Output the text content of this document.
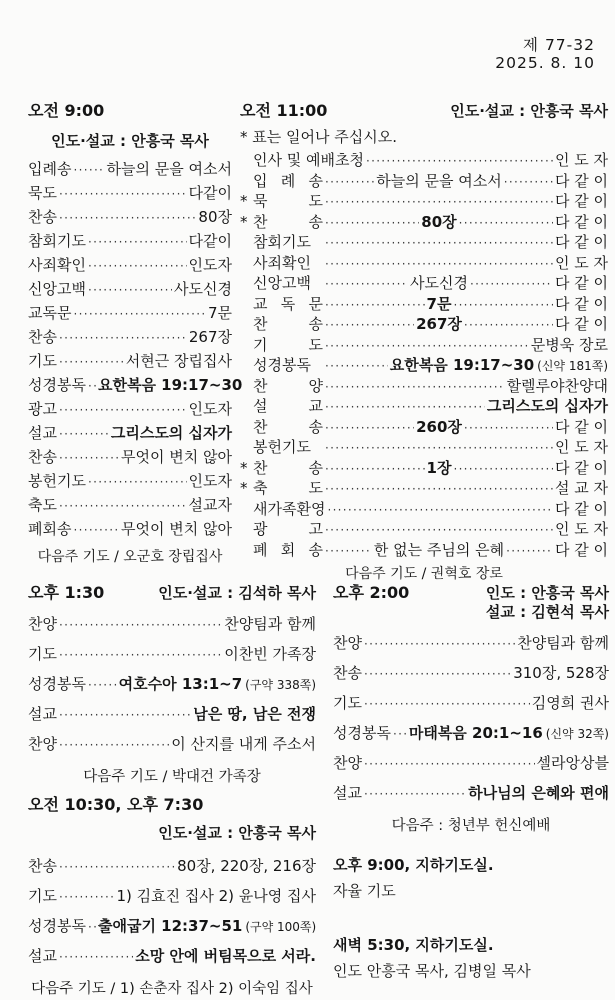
제 77-32
2025. 8. 10
오전 9:00
인도·설교 : 안흥국 목사
입례송 ····· 하늘의 문을 여소서
묵도 ·····	다같이
찬송 ·····	80장
참회기도 ·····	다같이
사죄확인 ·····	인도자
신앙고백 ·····	사도신경
교독문 ·····	7문
찬송 ·····	267장
기도 ·····	서현근 장립집사
성경봉독 ····· 요한복음 19:17~30
광고 ·····	인도자
설교 ·····	그리스도의 십자가
찬송 ·····	무엇이 변치 않아
봉헌기도 ·····	인도자
축도 ·····	설교자
폐회송 ·····	무엇이 변치 않아
다음주 기도 / 오군호 장립집사
오전 11:00	인도·설교 : 안흥국 목사
* 표는 일어나 주십시오.
인사 및 예배초청 ·····	인 도 자
입 례 송 ·····	하늘의 문을 여소서 ·····	다 같 이
* 묵 도 ·····	다 같 이
* 찬 송 ·····	80장 ·····	다 같 이
참회기도 ·····	다 같 이
사죄확인 ·····	인 도 자
신앙고백 ·····	사도신경 ·····	다 같 이
교 독 문 ·····	7문 ·····	다 같 이
찬 송 ·····	267장 ·····	다 같 이
기 도 ·····	문병욱 장로
성경봉독 ·····	요한복음 19:17~30 (신약 181쪽)
찬 양 ·····	할렐루야찬양대
설 교 ·····	그리스도의 십자가
찬 송 ·····	260장 ·····	다 같 이
봉헌기도 ·····	인 도 자
* 찬 송 ·····	1장 ·····	다 같 이
* 축 도 ·····	설 교 자
새가족환영 ·····	다 같 이
광 고 ·····	인 도 자
폐 회 송 ·····	한 없는 주님의 은혜 ·····	다 같 이
다음주 기도 / 권혁호 장로
오후 1:30	인도·설교 : 김석하 목사
찬양 ·····	찬양팀과 함께
기도 ·····	이찬빈 가족장
성경봉독 ····· 여호수아 13:1~7 (구약 338쪽)
설교 ·····	남은 땅, 남은 전쟁
찬양 ·····	이 산지를 내게 주소서
다음주 기도 / 박대건 가족장
오후 2:00	인도 : 안흥국 목사
설교 : 김현석 목사
찬양 ·····	찬양팀과 함께
찬송 ·····	310장, 528장
기도 ·····	김영희 권사
성경봉독 ····· 마태복음 20:1~16 (신약 32쪽)
찬양 ·····	셀라앙상블
설교 ·····	하나님의 은혜와 편애
다음주 : 청년부 헌신예배
오전 10:30, 오후 7:30
인도·설교 : 안흥국 목사
찬송 ·····	80장, 220장, 216장
기도 ·····	1) 김효진 집사 2) 윤나영 집사
성경봉독 ····· 출애굽기 12:37~51 (구약 100쪽)
설교 ·····	소망 안에 버팀목으로 서라.
다음주 기도 / 1) 손춘자 집사 2) 이숙임 집사
오후 9:00, 지하기도실.
자율 기도
새벽 5:30, 지하기도실.
인도 안흥국 목사, 김병일 목사
